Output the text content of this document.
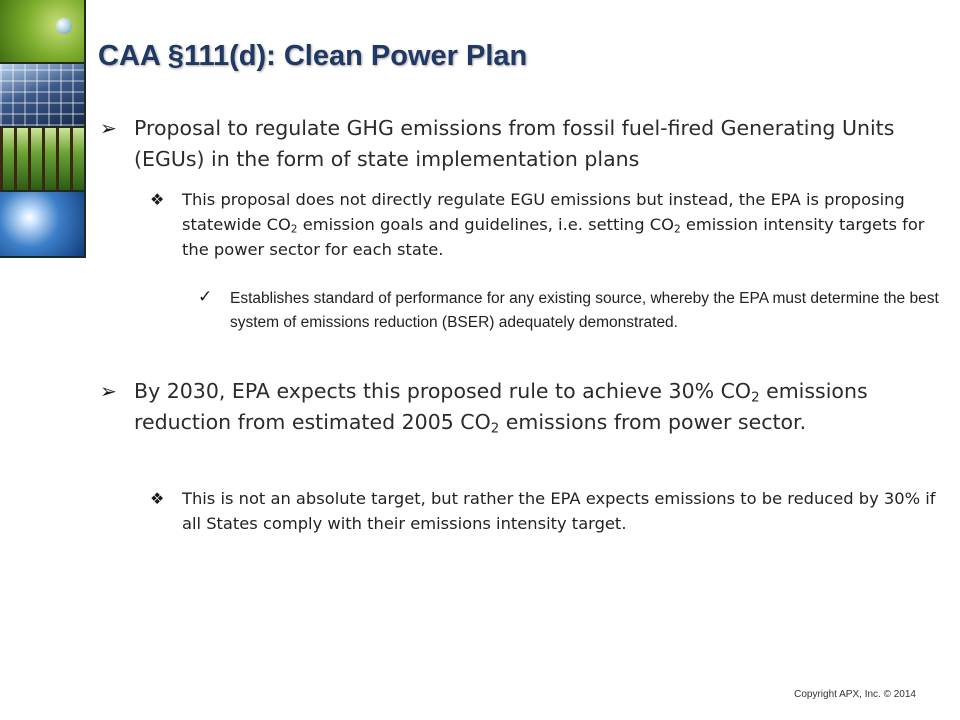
CAA §111(d): Clean Power Plan
➢ Proposal to regulate GHG emissions from fossil fuel-fired Generating Units (EGUs) in the form of state implementation plans
❖ This proposal does not directly regulate EGU emissions but instead, the EPA is proposing statewide $CO_2$ emission goals and guidelines, i.e. setting $CO_2$ emission intensity targets for the power sector for each state.
✓ Establishes standard of performance for any existing source, whereby the EPA must determine the best system of emissions reduction (BSER) adequately demonstrated.
➢ By 2030, EPA expects this proposed rule to achieve 30% $CO_2$ emissions reduction from estimated 2005 $CO_2$ emissions from power sector.
❖ This is not an absolute target, but rather the EPA expects emissions to be reduced by 30% if all States comply with their emissions intensity target.
Copyright APX, Inc. © 2014
